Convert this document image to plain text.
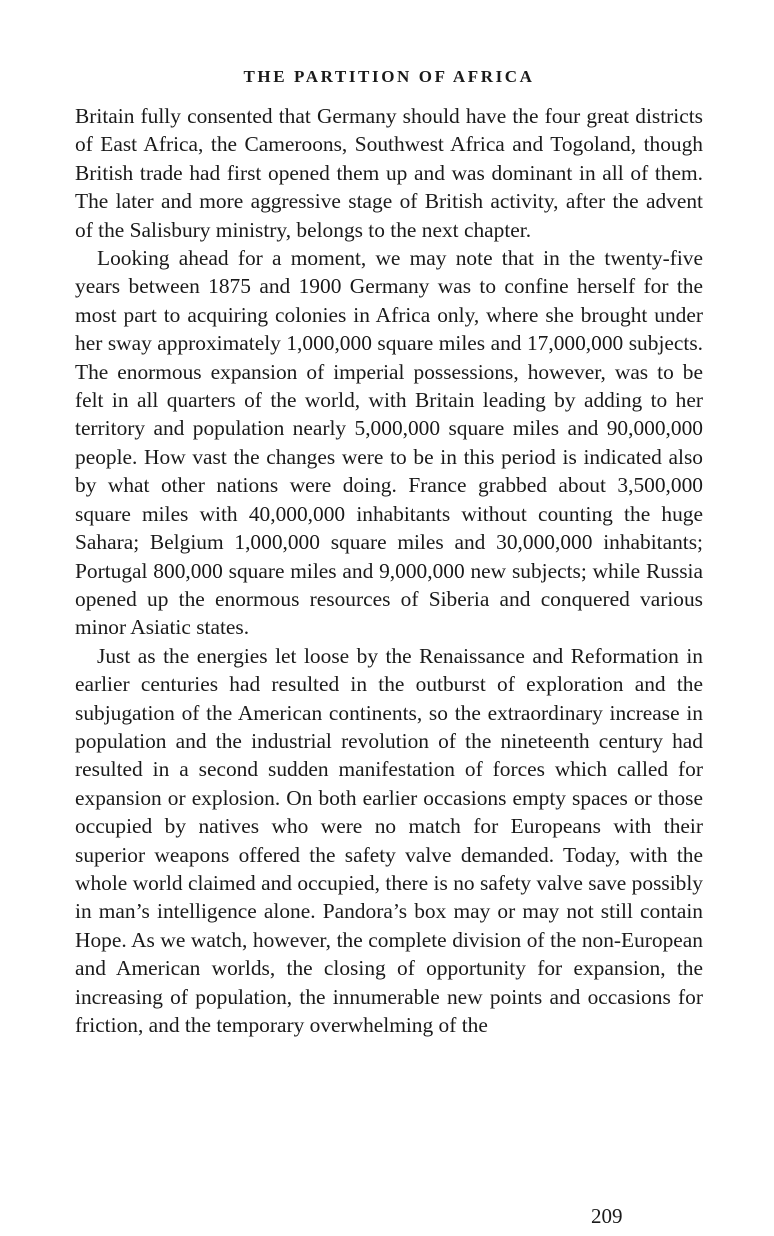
THE PARTITION OF AFRICA

Britain fully consented that Germany should have the four great districts of East Africa, the Cameroons, Southwest Africa and Togoland, though British trade had first opened them up and was dominant in all of them. The later and more aggressive stage of British activity, after the advent of the Salisbury ministry, belongs to the next chapter.

Looking ahead for a moment, we may note that in the twenty-five years between 1875 and 1900 Germany was to confine herself for the most part to acquiring colonies in Africa only, where she brought under her sway approximately 1,000,000 square miles and 17,000,000 subjects. The enormous expansion of imperial possessions, however, was to be felt in all quarters of the world, with Britain leading by adding to her territory and population nearly 5,000,000 square miles and 90,000,000 people. How vast the changes were to be in this period is indicated also by what other nations were doing. France grabbed about 3,500,000 square miles with 40,000,000 inhabitants without counting the huge Sahara; Belgium 1,000,000 square miles and 30,000,000 inhabitants; Portugal 800,000 square miles and 9,000,000 new subjects; while Russia opened up the enormous resources of Siberia and conquered various minor Asiatic states.

Just as the energies let loose by the Renaissance and Reformation in earlier centuries had resulted in the outburst of exploration and the subjugation of the American continents, so the extraordinary increase in population and the industrial revolution of the nineteenth century had resulted in a second sudden manifestation of forces which called for expansion or explosion. On both earlier occasions empty spaces or those occupied by natives who were no match for Europeans with their superior weapons offered the safety valve demanded. Today, with the whole world claimed and occupied, there is no safety valve save possibly in man’s intelligence alone. Pandora’s box may or may not still contain Hope. As we watch, however, the complete division of the non-European and American worlds, the closing of opportunity for expansion, the increasing of population, the innumerable new points and occasions for friction, and the temporary overwhelming of the

209
